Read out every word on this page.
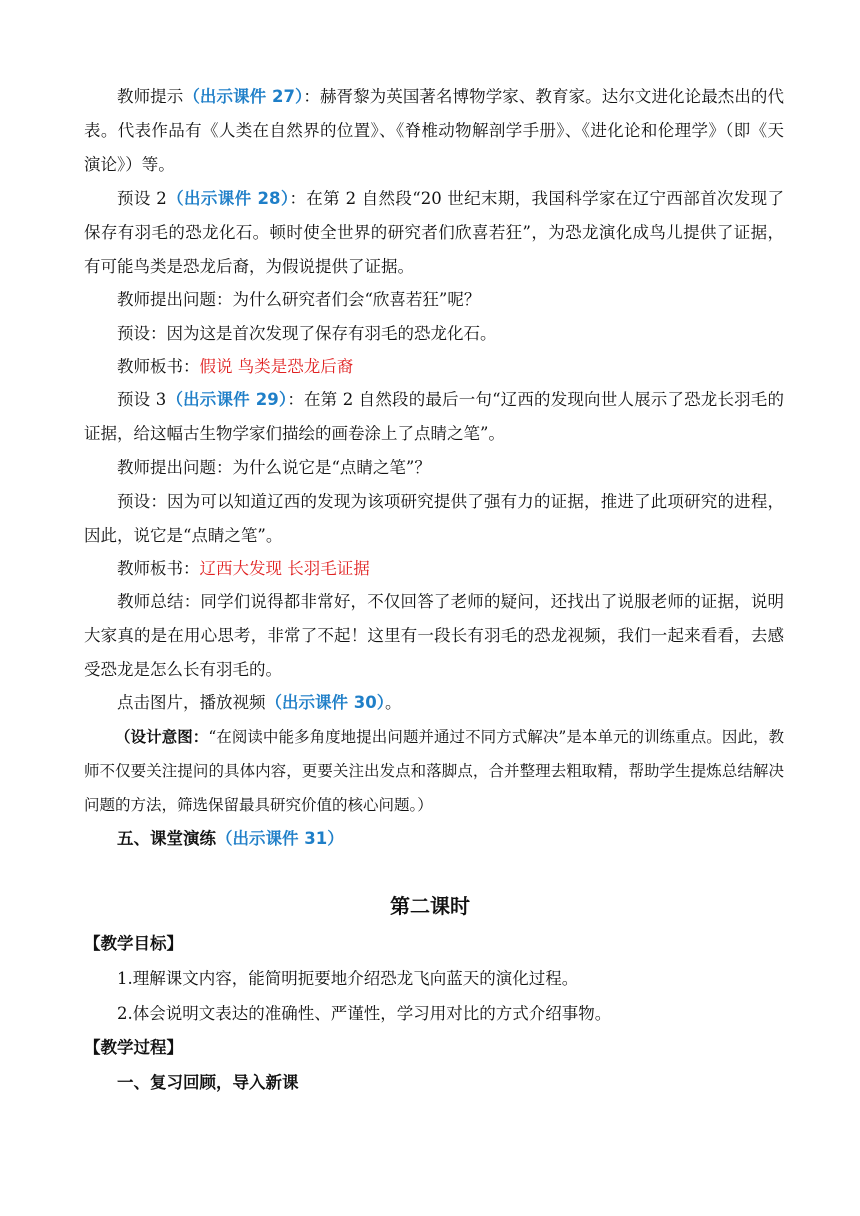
教师提示（出示课件 27）：赫胥黎为英国著名博物学家、教育家。达尔文进化论最杰出的代表。代表作品有《人类在自然界的位置》、《脊椎动物解剖学手册》、《进化论和伦理学》（即《天演论》）等。

预设 2（出示课件 28）：在第 2 自然段“20 世纪末期，我国科学家在辽宁西部首次发现了保存有羽毛的恐龙化石。顿时使全世界的研究者们欣喜若狂”，为恐龙演化成鸟儿提供了证据，有可能鸟类是恐龙后裔，为假说提供了证据。

教师提出问题：为什么研究者们会“欣喜若狂”呢？

预设：因为这是首次发现了保存有羽毛的恐龙化石。

教师板书：假说 鸟类是恐龙后裔

预设 3（出示课件 29）：在第 2 自然段的最后一句“辽西的发现向世人展示了恐龙长羽毛的证据，给这幅古生物学家们描绘的画卷涂上了点睛之笔”。

教师提出问题：为什么说它是“点睛之笔”？

预设：因为可以知道辽西的发现为该项研究提供了强有力的证据，推进了此项研究的进程，因此，说它是“点睛之笔”。

教师板书：辽西大发现 长羽毛证据

教师总结：同学们说得都非常好，不仅回答了老师的疑问，还找出了说服老师的证据，说明大家真的是在用心思考，非常了不起！这里有一段长有羽毛的恐龙视频，我们一起来看看，去感受恐龙是怎么长有羽毛的。

点击图片，播放视频（出示课件 30）。

（设计意图：“在阅读中能多角度地提出问题并通过不同方式解决”是本单元的训练重点。因此，教师不仅要关注提问的具体内容，更要关注出发点和落脚点，合并整理去粗取精，帮助学生提炼总结解决问题的方法，筛选保留最具研究价值的核心问题。）

五、课堂演练（出示课件 31）

第二课时

【教学目标】

1.理解课文内容，能简明扼要地介绍恐龙飞向蓝天的演化过程。

2.体会说明文表达的准确性、严谨性，学习用对比的方式介绍事物。

【教学过程】

一、复习回顾，导入新课
